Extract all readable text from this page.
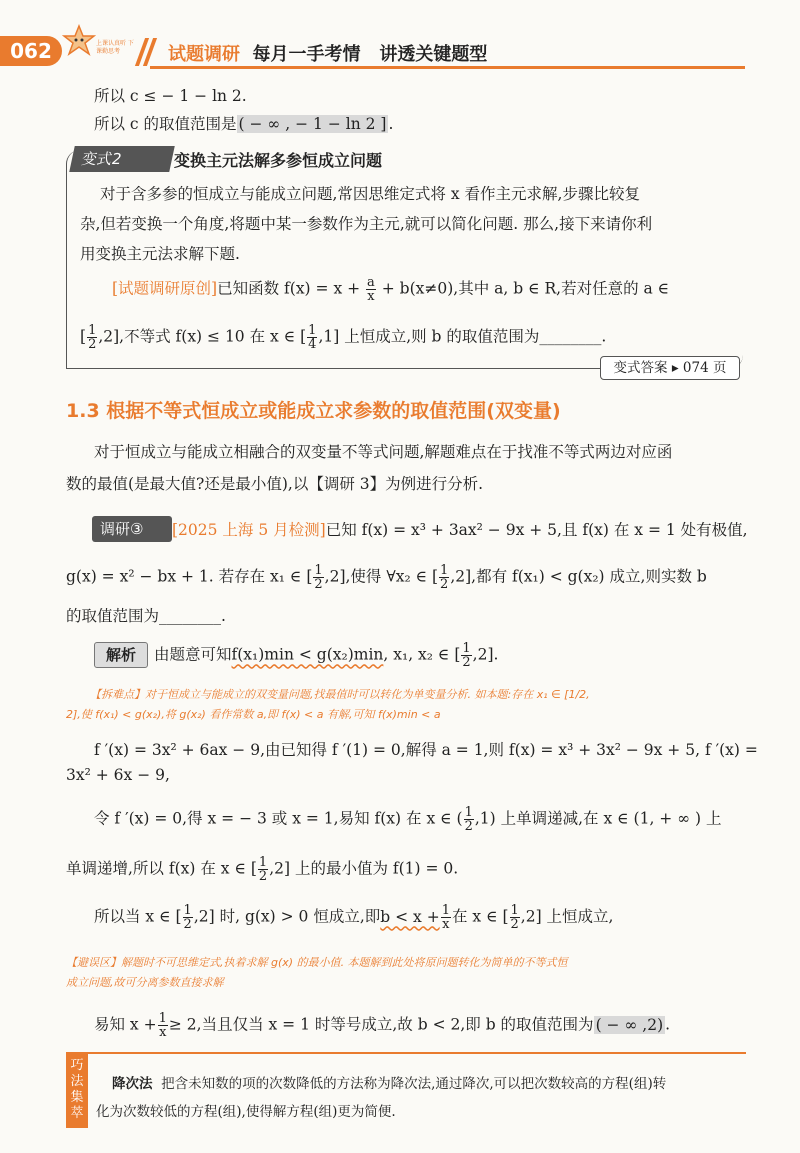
062	上课认真听 下课勤思考	试题调研 每月一手考情 讲透关键题型

所以 c ≤ − 1 − ln 2.

所以 c 的取值范围是 ( − ∞ , − 1 − ln 2 ] .

变式2	变换主元法解多参恒成立问题

对于含多参的恒成立与能成立问题,常因思维定式将 x 看作主元求解,步骤比较复

杂,但若变换一个角度,将题中某一参数作为主元,就可以简化问题. 那么,接下来请你利

用变换主元法求解下题.

[试题调研原创]已知函数 $f(x) = x + \frac{a}{x} + b(x\ne 0)$,其中 a, b ∈ R,若对任意的 a ∈

[ $\frac{1}{2} ,2$],不等式 f(x) ≤ 10 在 x ∈ [ $\frac{1}{4} ,1$] 上恒成立,则 b 的取值范围为________.

变式答案 ▸ 074 页
1.3 根据不等式恒成立或能成立求参数的取值范围(双变量)

对于恒成立与能成立相融合的双变量不等式问题,解题难点在于找准不等式两边对应函

数的最值(是最大值?还是最小值),以【调研 3】为例进行分析.

调研③	[2025 上海 5 月检测]已知 f(x) = x³ + 3ax² − 9x + 5,且 f(x) 在 x = 1 处有极值,

g(x) = x² − bx + 1. 若存在 x₁ ∈ [ $\frac{1}{2} ,2$],使得 ∀x₂ ∈ [ $\frac{1}{2} ,2$],都有 f(x₁) < g(x₂) 成立,则实数 b

的取值范围为________.

解析	由题意可知f(x₁)min < g(x₂)min, x₁, x₂ ∈ [ $\frac{1}{2} ,2$].

【拆难点】对于恒成立与能成立的双变量问题,找最值时可以转化为单变量分析. 如本题:存在 x₁ ∈ [1/2,

2],使 f(x₁) < g(x₂),将 g(x₂) 看作常数 a,即 f(x) < a 有解,可知 f(x)min < a

f ′(x) = 3x² + 6ax − 9,由已知得 f ′(1) = 0,解得 a = 1,则 f(x) = x³ + 3x² − 9x + 5, f ′(x) =

3x² + 6x − 9,

令 f ′(x) = 0,得 x = − 3 或 x = 1,易知 f(x) 在 x ∈ ( $\frac{1}{2} ,1$) 上单调递减,在 x ∈ (1, + ∞ ) 上

单调递增,所以 f(x) 在 x ∈ [ $\frac{1}{2} ,2$] 上的最小值为 f(1) = 0.

所以当 x ∈ [ $\frac{1}{2} ,2$] 时, g(x) > 0 恒成立,即$b < x + \frac{1}{x}$ 在 x ∈ [ $\frac{1}{2} ,2$] 上恒成立,

【避误区】解题时不可思维定式,执着求解 g(x) 的最小值. 本题解到此处将原问题转化为简单的不等式恒

成立问题,故可分离参数直接求解

易知 $x + \frac{1}{x} \ge 2$,当且仅当 x = 1 时等号成立,故 b < 2,即 b 的取值范围为 ( − ∞ ,2) .

巧法集萃

降次法 把含未知数的项的次数降低的方法称为降次法,通过降次,可以把次数较高的方程(组)转

化为次数较低的方程(组),使得解方程(组)更为简便.
